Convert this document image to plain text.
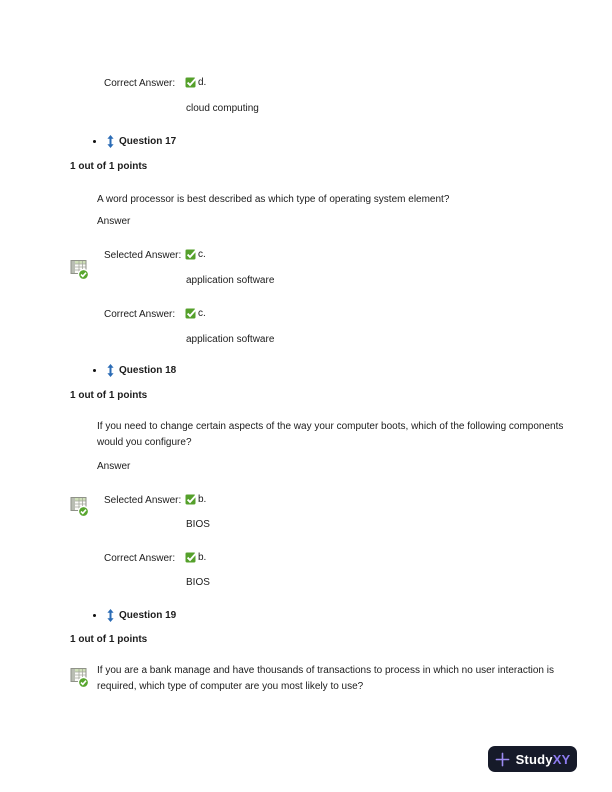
Correct Answer: d.
cloud computing
Question 17
1 out of 1 points
A word processor is best described as which type of operating system element?
Answer
Selected Answer: c.
application software
Correct Answer: c.
application software
Question 18
1 out of 1 points
If you need to change certain aspects of the way your computer boots, which of the following components would you configure?
Answer
Selected Answer: b.
BIOS
Correct Answer: b.
BIOS
Question 19
1 out of 1 points
If you are a bank manage and have thousands of transactions to process in which no user interaction is required, which type of computer are you most likely to use?
StudyXY
